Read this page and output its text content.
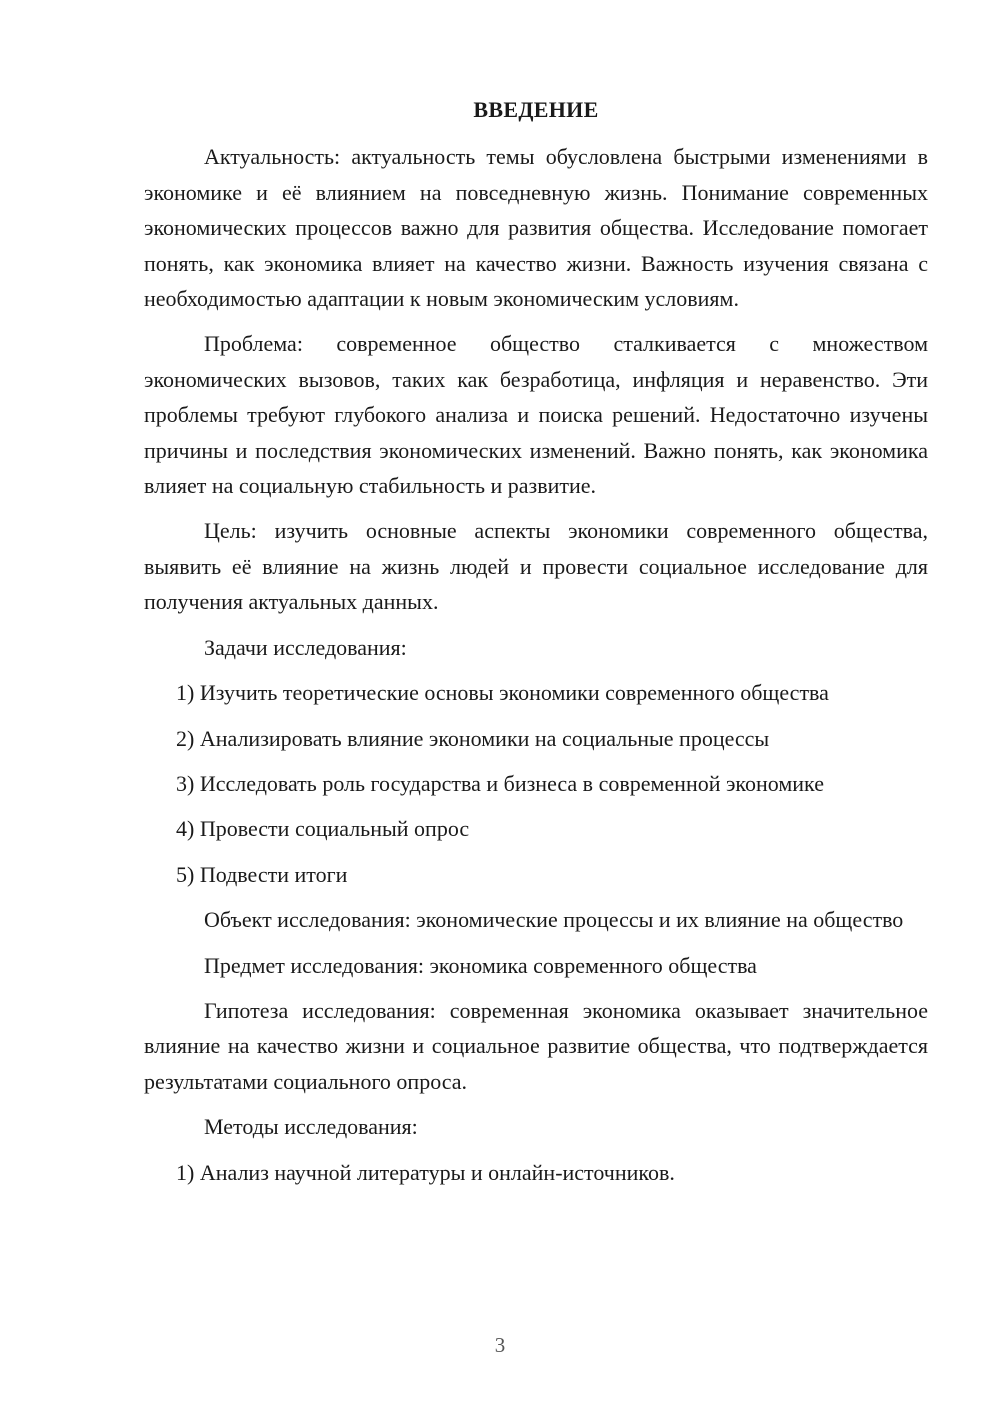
ВВЕДЕНИЕ

Актуальность: актуальность темы обусловлена быстрыми изменениями в экономике и её влиянием на повседневную жизнь. Понимание современных экономических процессов важно для развития общества. Исследование помогает понять, как экономика влияет на качество жизни. Важность изучения связана с необходимостью адаптации к новым экономическим условиям.

Проблема: современное общество сталкивается с множеством экономических вызовов, таких как безработица, инфляция и неравенство. Эти проблемы требуют глубокого анализа и поиска решений. Недостаточно изучены причины и последствия экономических изменений. Важно понять, как экономика влияет на социальную стабильность и развитие.

Цель: изучить основные аспекты экономики современного общества, выявить её влияние на жизнь людей и провести социальное исследование для получения актуальных данных.

Задачи исследования:

1) Изучить теоретические основы экономики современного общества

2) Анализировать влияние экономики на социальные процессы

3) Исследовать роль государства и бизнеса в современной экономике

4) Провести социальный опрос

5) Подвести итоги

Объект исследования: экономические процессы и их влияние на общество

Предмет исследования: экономика современного общества

Гипотеза исследования: современная экономика оказывает значительное влияние на качество жизни и социальное развитие общества, что подтверждается результатами социального опроса.

Методы исследования:

1) Анализ научной литературы и онлайн-источников.

3
